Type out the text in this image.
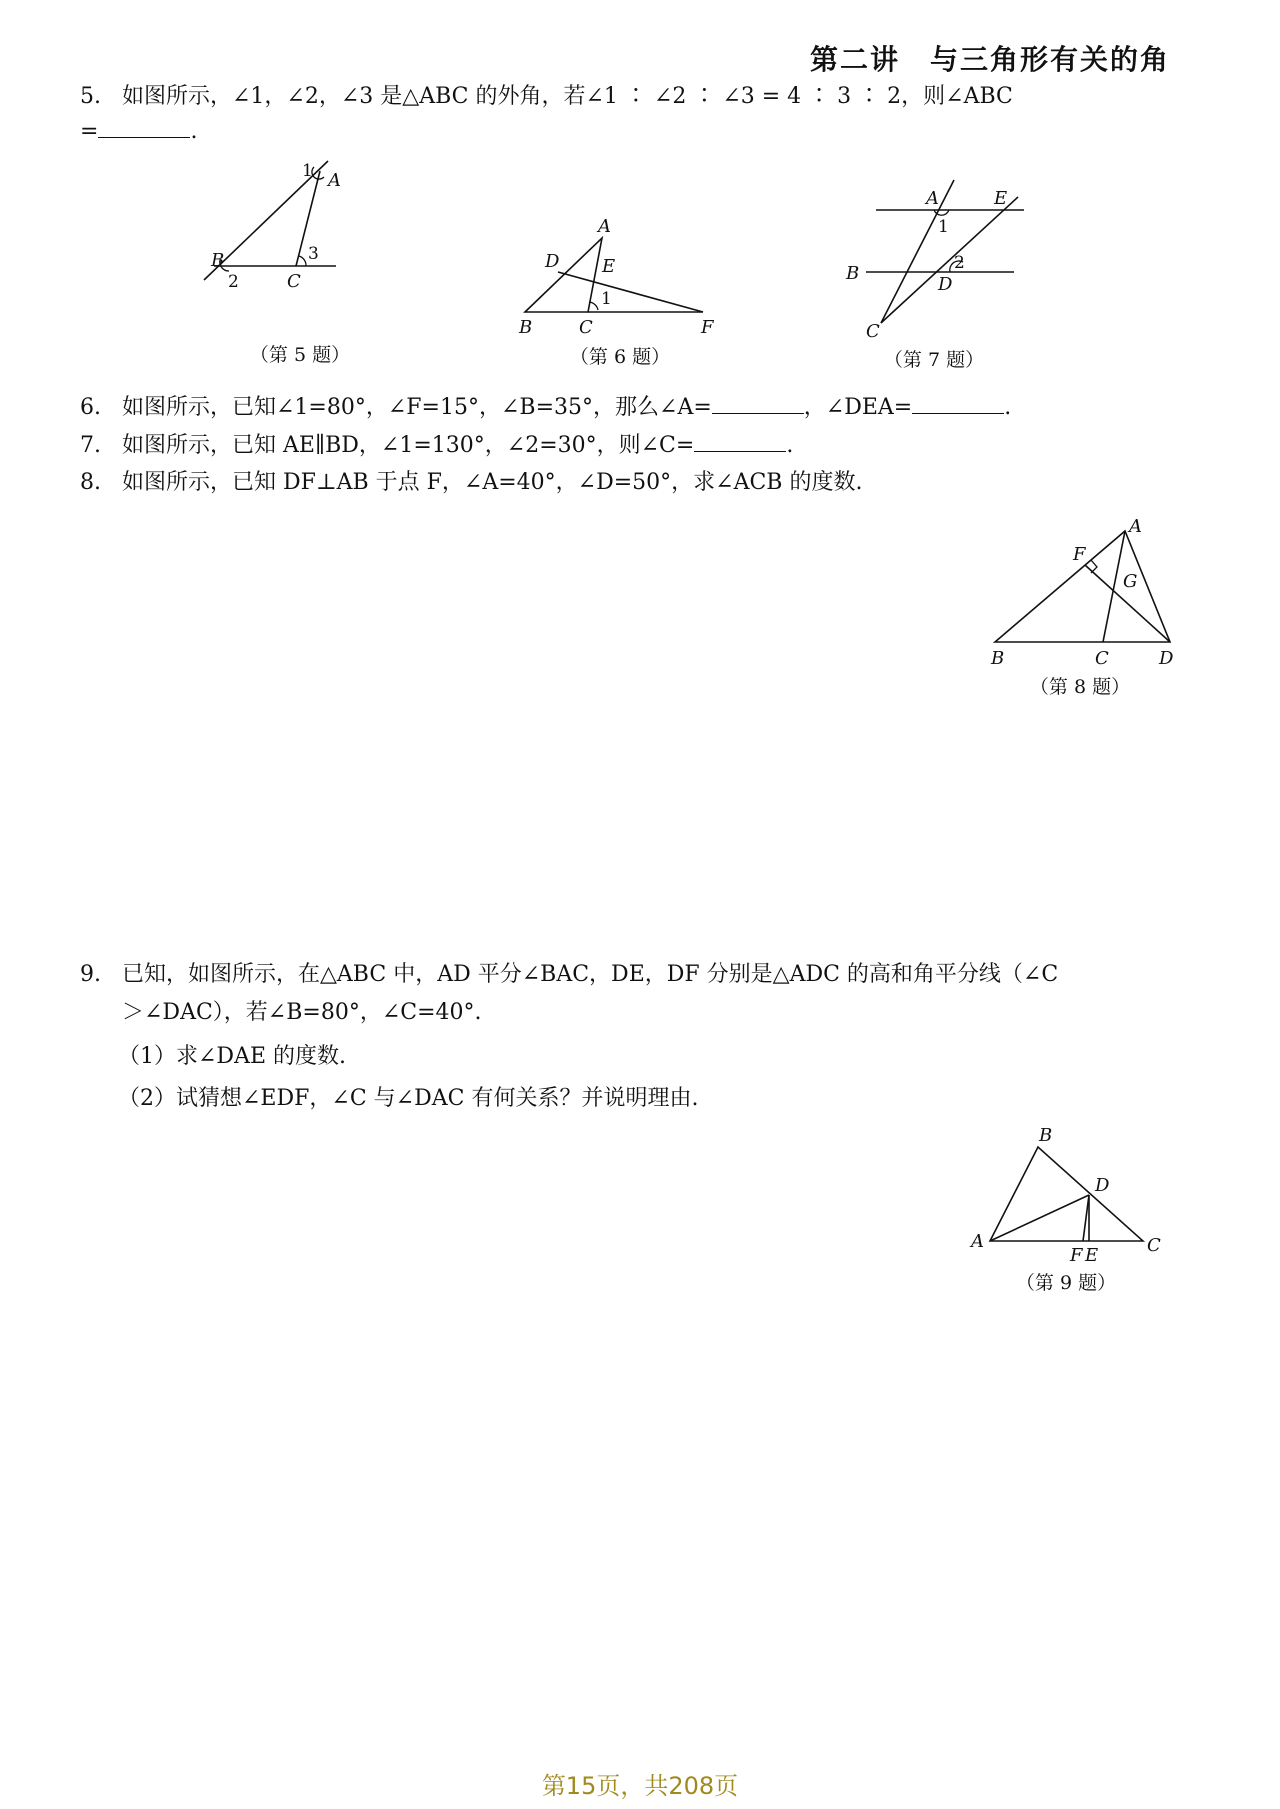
第二讲　与三角形有关的角

5. 如图所示，∠1，∠2，∠3 是△ABC 的外角，若∠1 ∶ ∠2 ∶ ∠3 = 4 ∶ 3 ∶ 2，则∠ABC

=	.

A
B
C
1
2
3

（第 5 题）

A
B	C
D E
F
1

（第 6 题）

A	E
B
D
C
1
2

（第 7 题）

6. 如图所示，已知∠1=80°，∠F=15°，∠B=35°，那么∠A=	，∠DEA=	.

7. 如图所示，已知 AE∥BD，∠1=130°，∠2=30°，则∠C=	.

8. 如图所示，已知 DF⊥AB 于点 F，∠A=40°，∠D=50°，求∠ACB 的度数.

A
F
G
B	C	D

（第 8 题）

9. 已知，如图所示，在△ABC 中，AD 平分∠BAC，DE，DF 分别是△ADC 的高和角平分线（∠C

＞∠DAC），若∠B=80°，∠C=40°.

（1）求∠DAE 的度数.

（2）试猜想∠EDF，∠C 与∠DAC 有何关系？并说明理由.

B
D
A	C
F E

（第 9 题）

第15页，共208页
